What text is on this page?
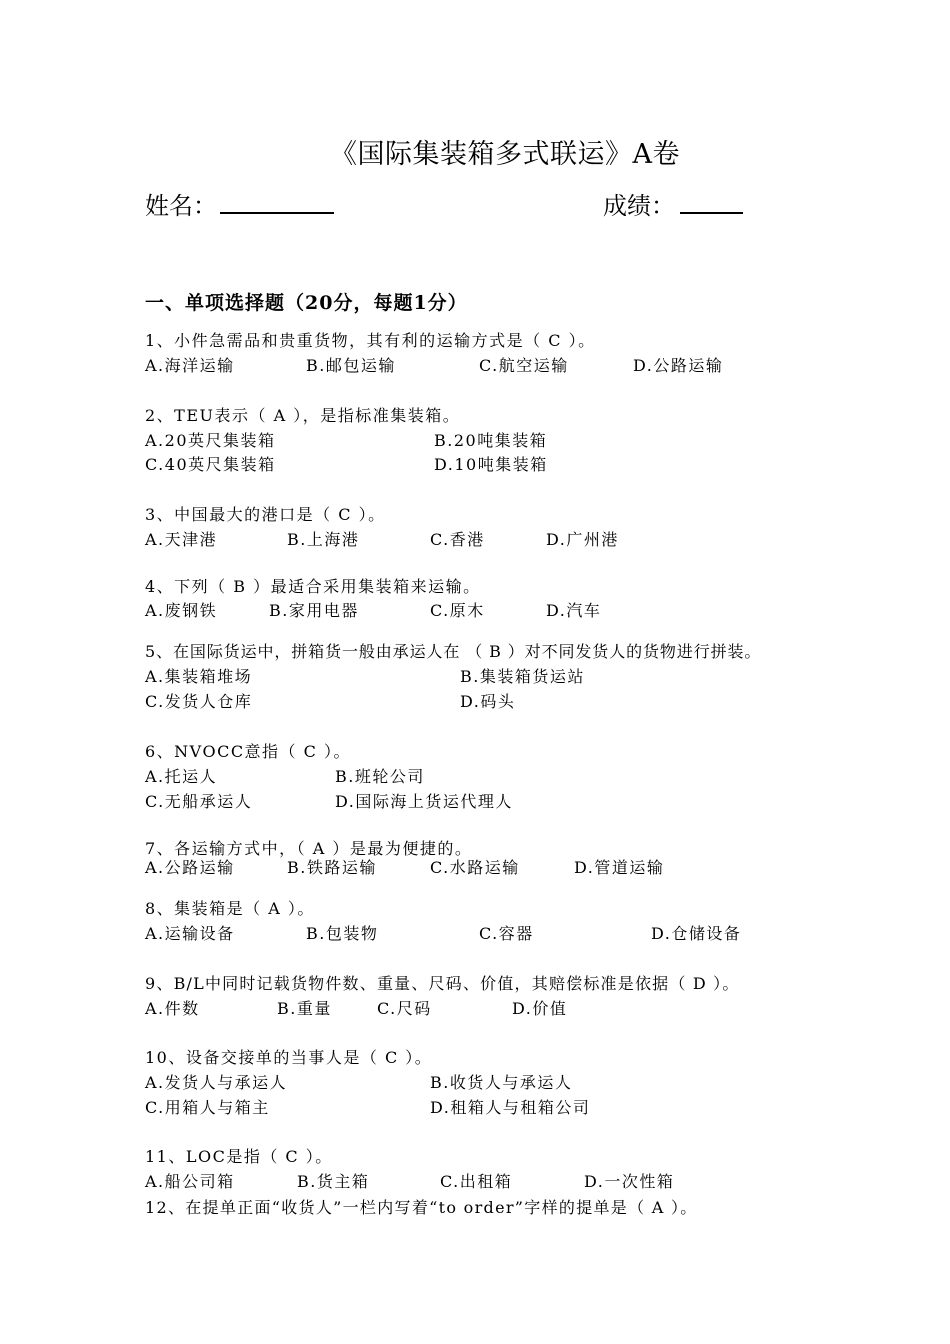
《国际集装箱多式联运》A卷
姓名：	成绩：
一、单项选择题（20分，每题1分）
1、小件急需品和贵重货物，其有利的运输方式是（ C ）。
A.海洋运输	B.邮包运输	C.航空运输	D.公路运输
2、TEU表示（ A ），是指标准集装箱。
A.20英尺集装箱	B.20吨集装箱
C.40英尺集装箱	D.10吨集装箱
3、中国最大的港口是（ C ）。
A.天津港	B.上海港	C.香港	D.广州港
4、下列（ B ）最适合采用集装箱来运输。
A.废钢铁	B.家用电器	C.原木	D.汽车
5、在国际货运中，拼箱货一般由承运人在 （ B ）对不同发货人的货物进行拼装。
A.集装箱堆场	B.集装箱货运站
C.发货人仓库	D.码头
6、NVOCC意指（ C ）。
A.托运人	B.班轮公司
C.无船承运人	D.国际海上货运代理人
7、各运输方式中，（ A ）是最为便捷的。
A.公路运输	B.铁路运输	C.水路运输	D.管道运输
8、集装箱是（ A ）。
A.运输设备	B.包装物	C.容器	D.仓储设备
9、B/L中同时记载货物件数、重量、尺码、价值，其赔偿标准是依据（ D ）。
A.件数	B.重量	C.尺码	D.价值
10、设备交接单的当事人是（ C ）。
A.发货人与承运人	B.收货人与承运人
C.用箱人与箱主	D.租箱人与租箱公司
11、LOC是指（ C ）。
A.船公司箱	B.货主箱	C.出租箱	D.一次性箱
12、在提单正面“收货人”一栏内写着“to order”字样的提单是（ A ）。
